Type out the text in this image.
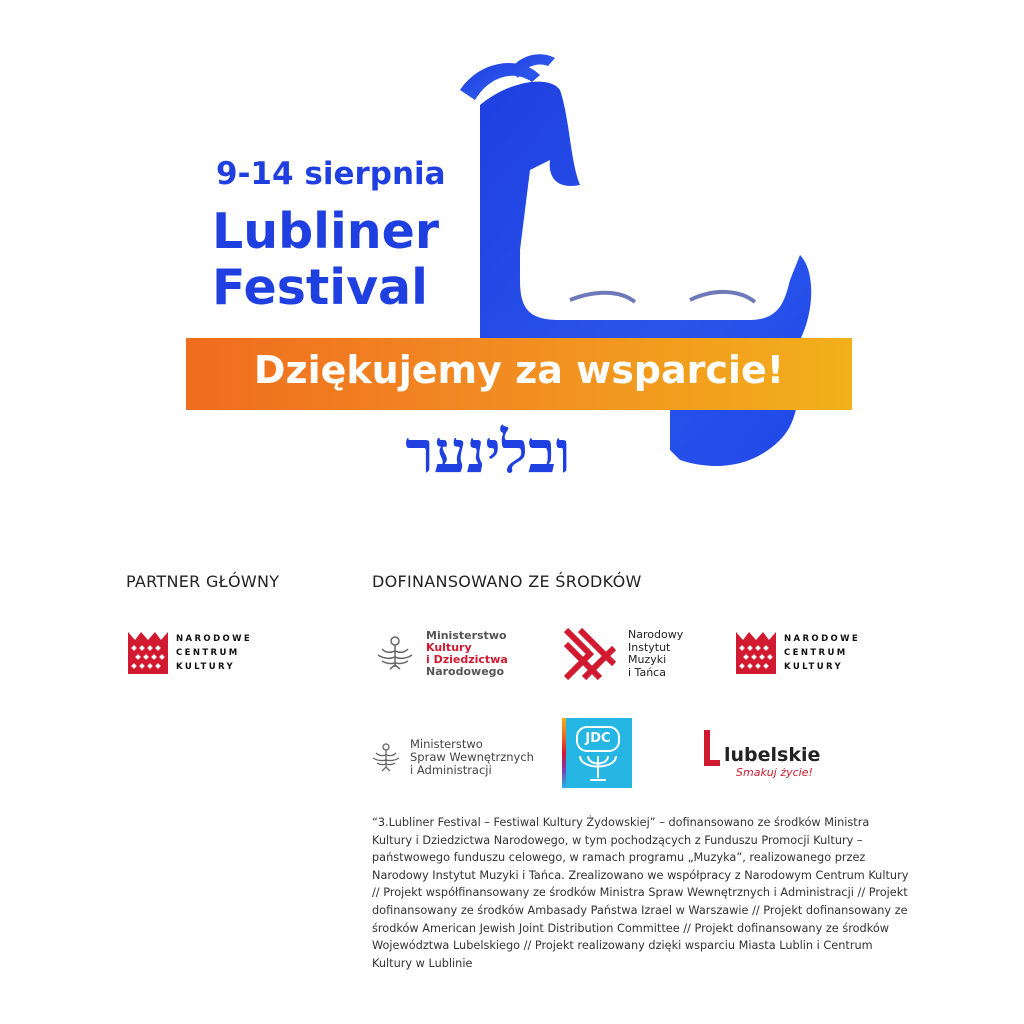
9-14 sierpnia
Lubliner
Festival
Dziękujemy za wsparcie!
ובלינער
PARTNER GŁÓWNY	DOFINANSOWANO ZE ŚRODKÓW
NARODOWE
CENTRUM
KULTURY
Ministerstwo
Kultury
i Dziedzictwa
Narodowego
Narodowy
Instytut
Muzyki
i Tańca
NARODOWE
CENTRUM
KULTURY
Ministerstwo
Spraw Wewnętrznych
i Administracji
JDC
lubelskie
Smakuj życie!
“3.Lubliner Festival – Festiwal Kultury Żydowskiej” – dofinansowano ze środków Ministra Kultury i Dziedzictwa Narodowego, w tym pochodzących z Funduszu Promocji Kultury – państwowego funduszu celowego, w ramach programu „Muzyka”, realizowanego przez Narodowy Instytut Muzyki i Tańca. Zrealizowano we współpracy z Narodowym Centrum Kultury // Projekt współfinansowany ze środków Ministra Spraw Wewnętrznych i Administracji // Projekt dofinansowany ze środków Ambasady Państwa Izrael w Warszawie // Projekt dofinansowany ze środków American Jewish Joint Distribution Committee // Projekt dofinansowany ze środków Województwa Lubelskiego // Projekt realizowany dzięki wsparciu Miasta Lublin i Centrum Kultury w Lublinie
